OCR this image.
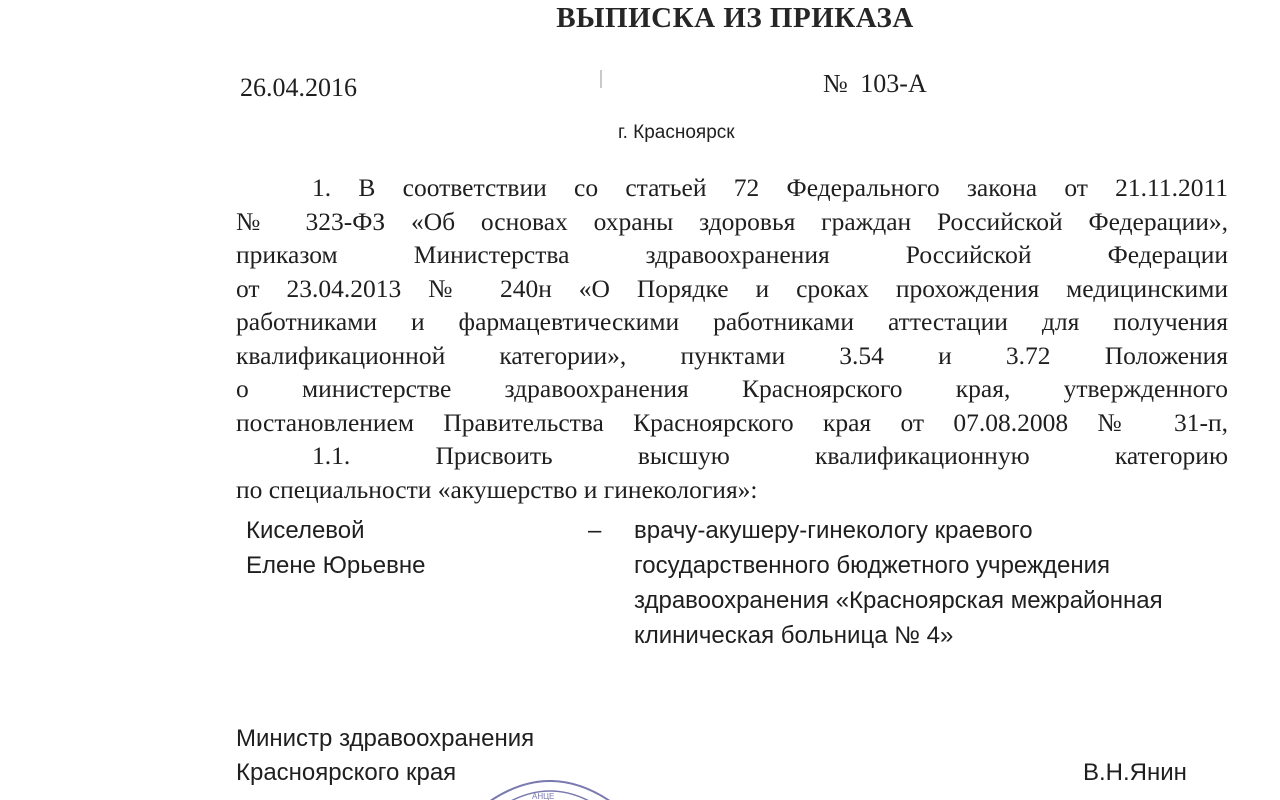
ВЫПИСКА ИЗ ПРИКАЗА
26.04.2016	№ 103-А
г. Красноярск
1. В соответствии со статьей 72 Федерального закона от 21.11.2011
№ 323-ФЗ «Об основах охраны здоровья граждан Российской Федерации»,
приказом Министерства здравоохранения Российской Федерации
от 23.04.2013 № 240н «О Порядке и сроках прохождения медицинскими
работниками и фармацевтическими работниками аттестации для получения
квалификационной категории», пунктами 3.54 и 3.72 Положения
о министерстве здравоохранения Красноярского края, утвержденного
постановлением Правительства Красноярского края от 07.08.2008 № 31-п,
1.1. Присвоить высшую квалификационную категорию
по специальности «акушерство и гинекология»:
Киселевой
Елене Юрьевне
– врачу-акушеру-гинекологу краевого
государственного бюджетного учреждения
здравоохранения «Красноярская межрайонная
клиническая больница № 4»
Министр здравоохранения
Красноярского края	В.Н.Янин
AНЦЕ
